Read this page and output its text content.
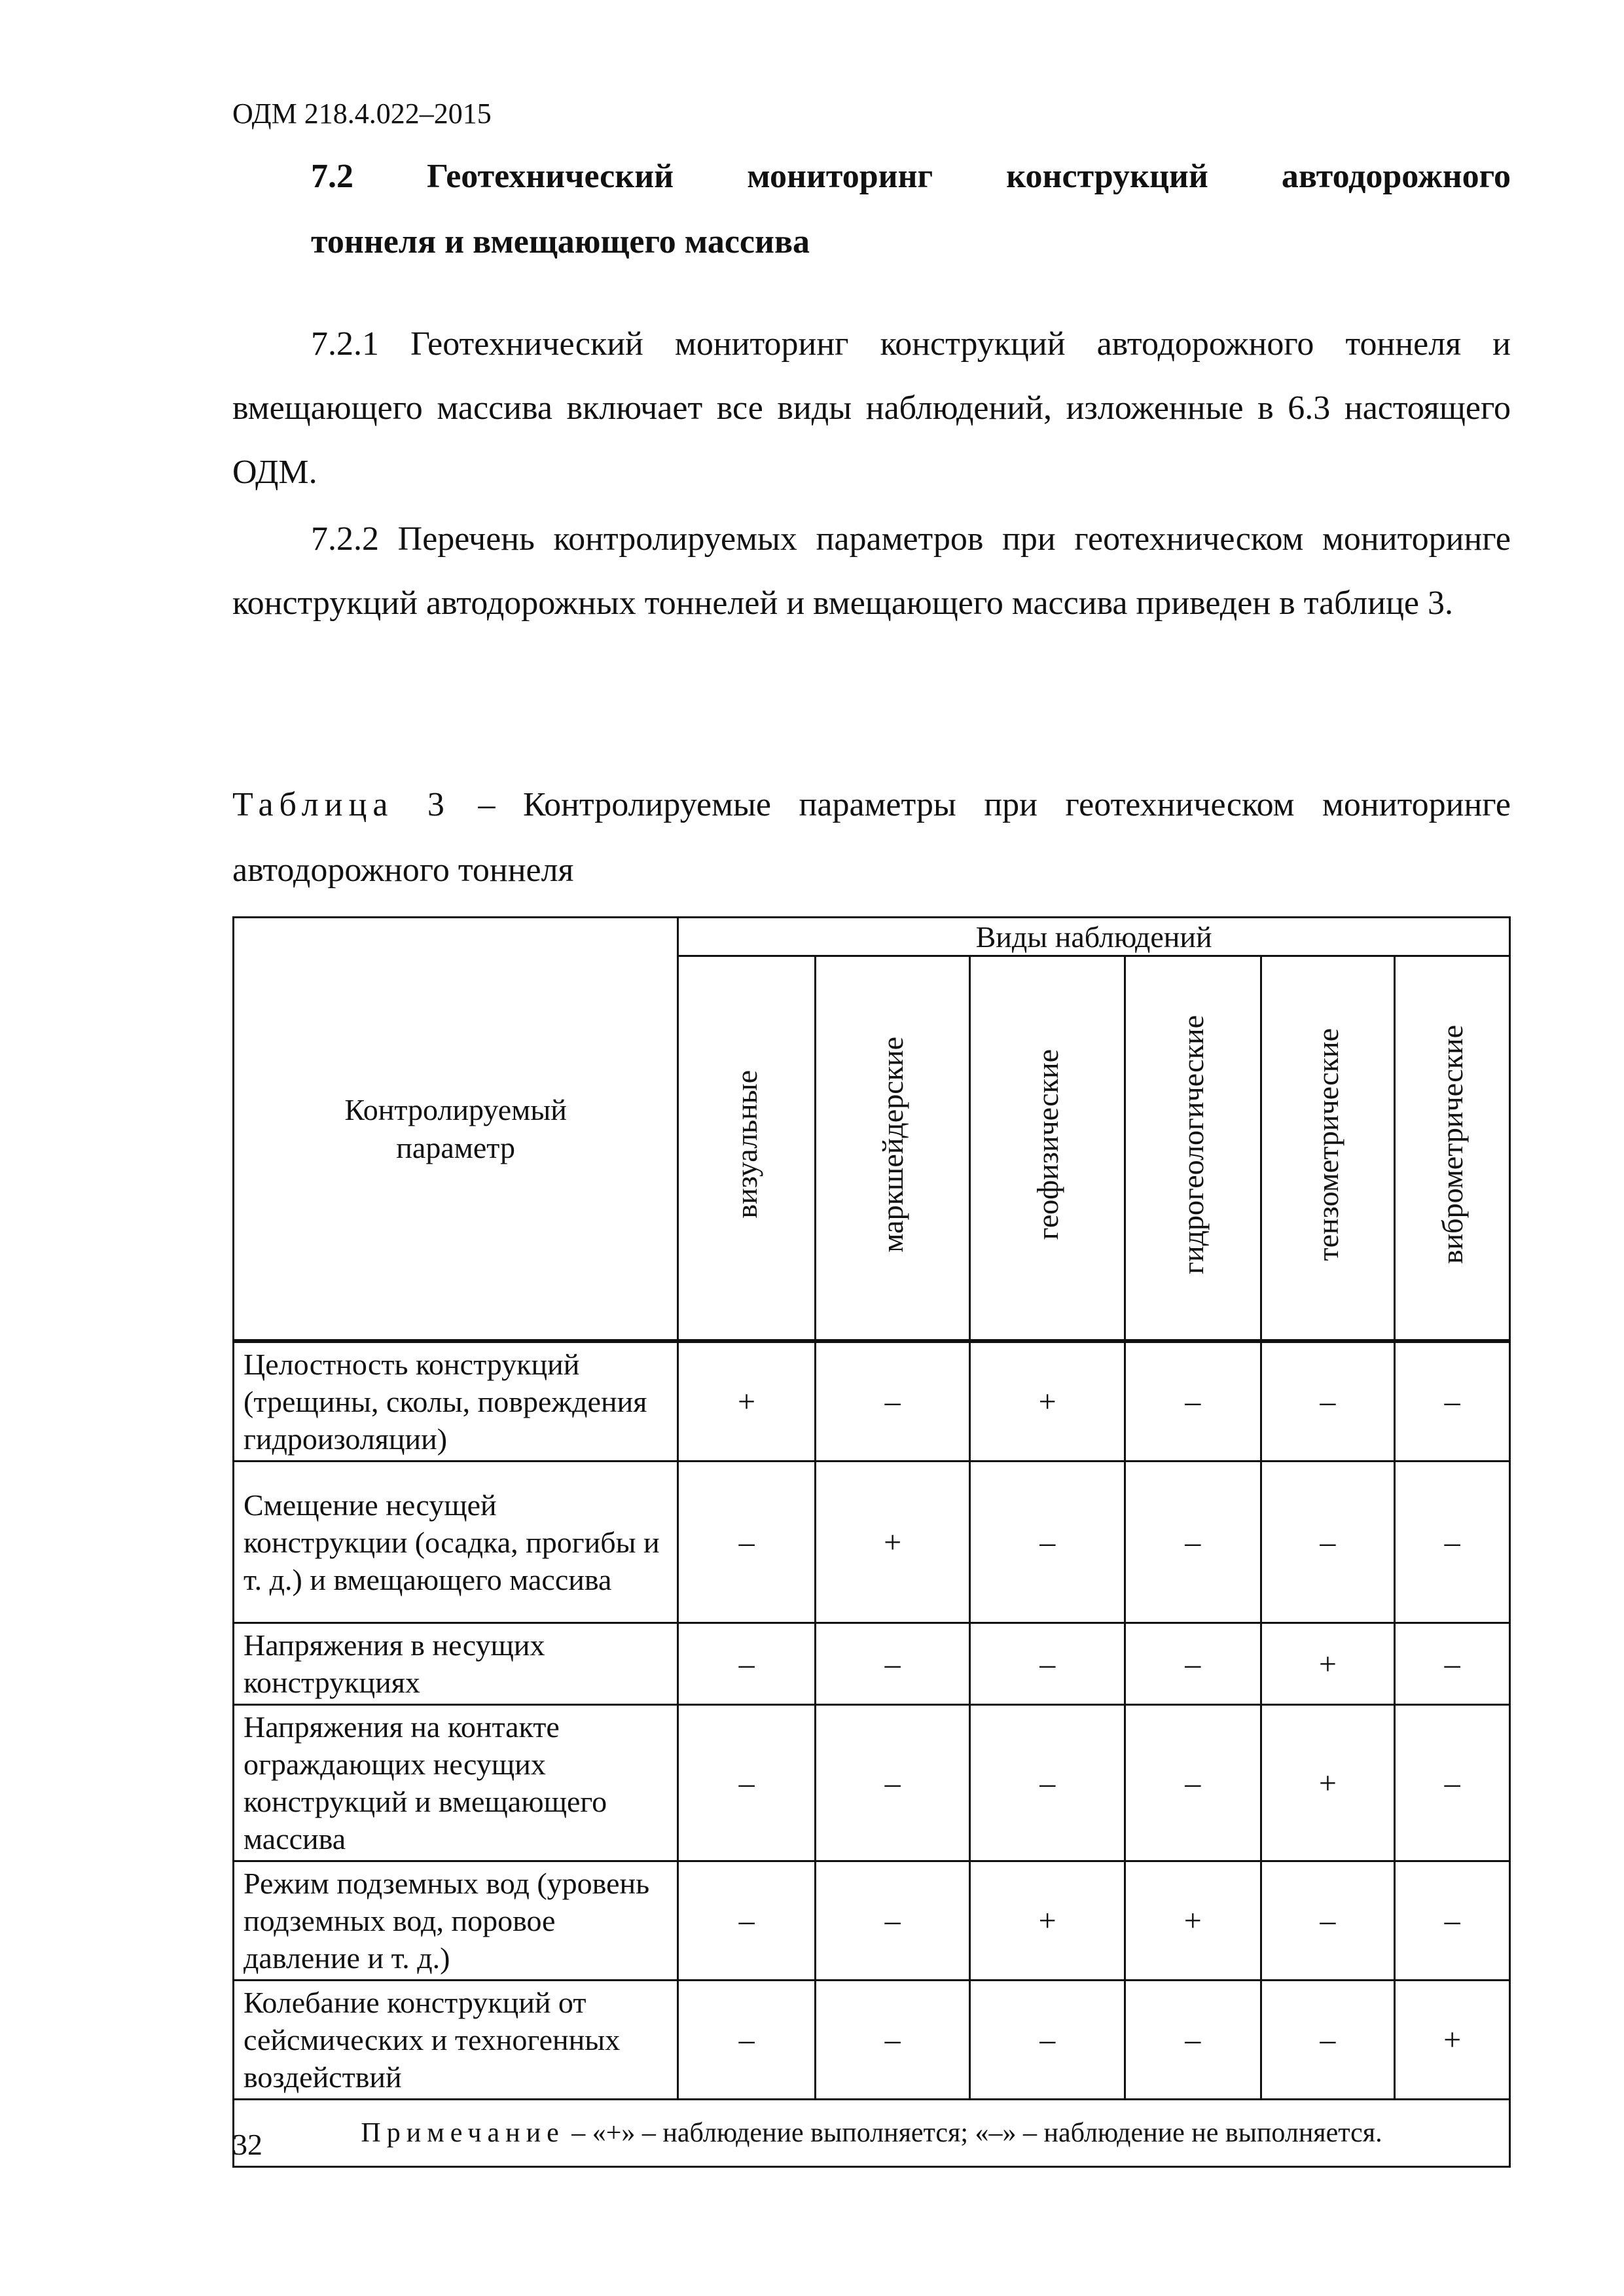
ОДМ 218.4.022–2015
7.2 Геотехнический мониторинг конструкций автодорожного
тоннеля и вмещающего массива

7.2.1 Геотехнический мониторинг конструкций автодорожного тоннеля и вмещающего массива включает все виды наблюдений, изложенные в 6.3 настоящего ОДМ.

7.2.2 Перечень контролируемых параметров при геотехническом мониторинге конструкций автодорожных тоннелей и вмещающего массива приведен в таблице 3.

Таблица 3 – Контролируемые параметры при геотехническом мониторинге автодорожного тоннеля

Контролируемый параметр	Виды наблюдений					
	визуальные	маркшейдерские	геофизические	гидрогеологические	тензометрические	виброметрические
Целостность конструкций (трещины, сколы, повреждения гидроизоляции)	+	–	+	–	–	–
Смещение несущей конструкции (осадка, прогибы и т. д.) и вмещающего массива	–	+	–	–	–	–
Напряжения в несущих конструкциях	–	–	–	–	+	–
Напряжения на контакте ограждающих несущих конструкций и вмещающего массива	–	–	–	–	+	–
Режим подземных вод (уровень подземных вод, поровое давление и т. д.)	–	–	+	+	–	–
Колебание конструкций от сейсмических и техногенных воздействий	–	–	–	–	–	+
Примечание – «+» – наблюдение выполняется; «–» – наблюдение не выполняется.						
32
